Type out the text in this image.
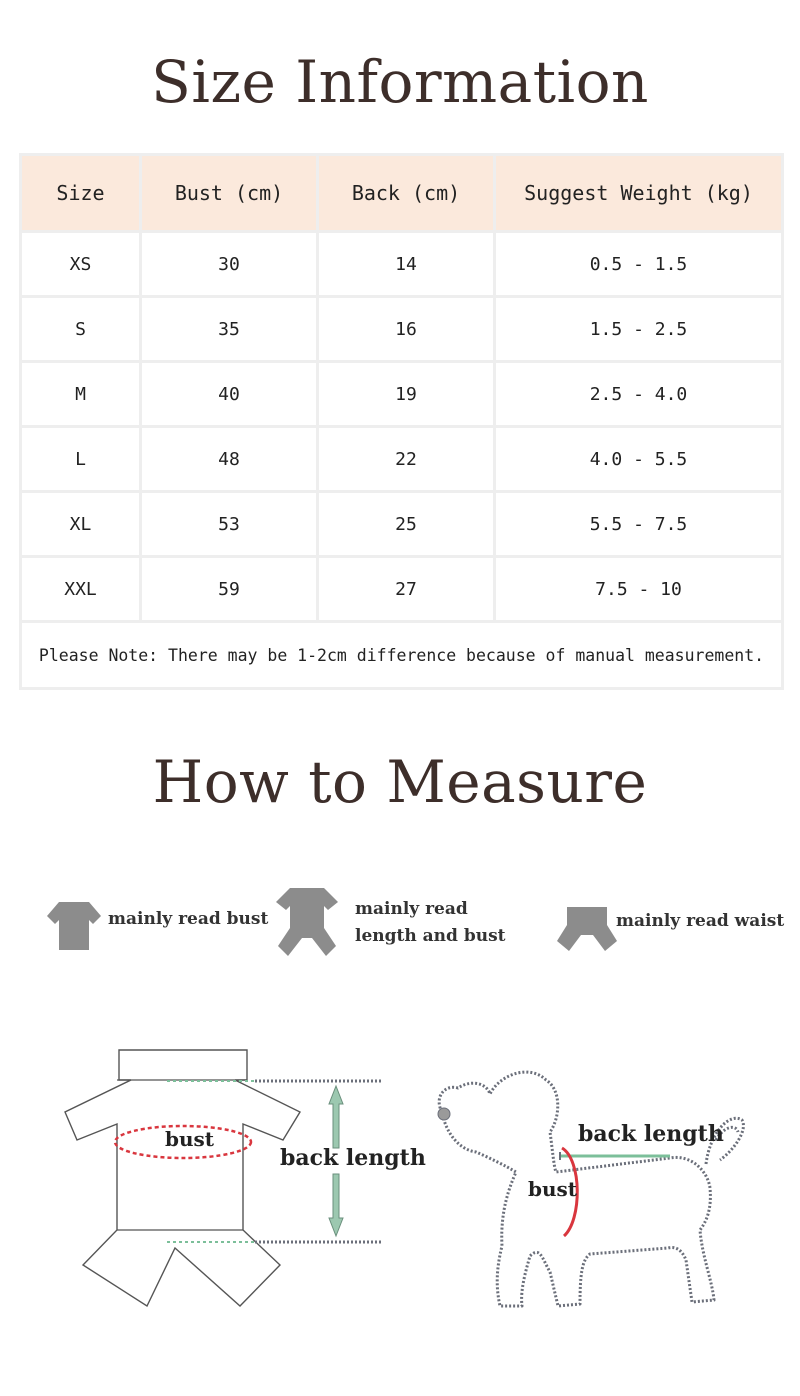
Size Information
Size	Bust (cm)	Back (cm)	Suggest Weight (kg)
XS	30	14	0.5 - 1.5
S	35	16	1.5 - 2.5
M	40	19	2.5 - 4.0
L	48	22	4.0 - 5.5
XL	53	25	5.5 - 7.5
XXL	59	27	7.5 - 10
Please Note: There may be 1-2cm difference because of manual measurement.			
How to Measure
mainly read bust	mainly read
length and bust
mainly read waist
bust
back length
back length
bust
